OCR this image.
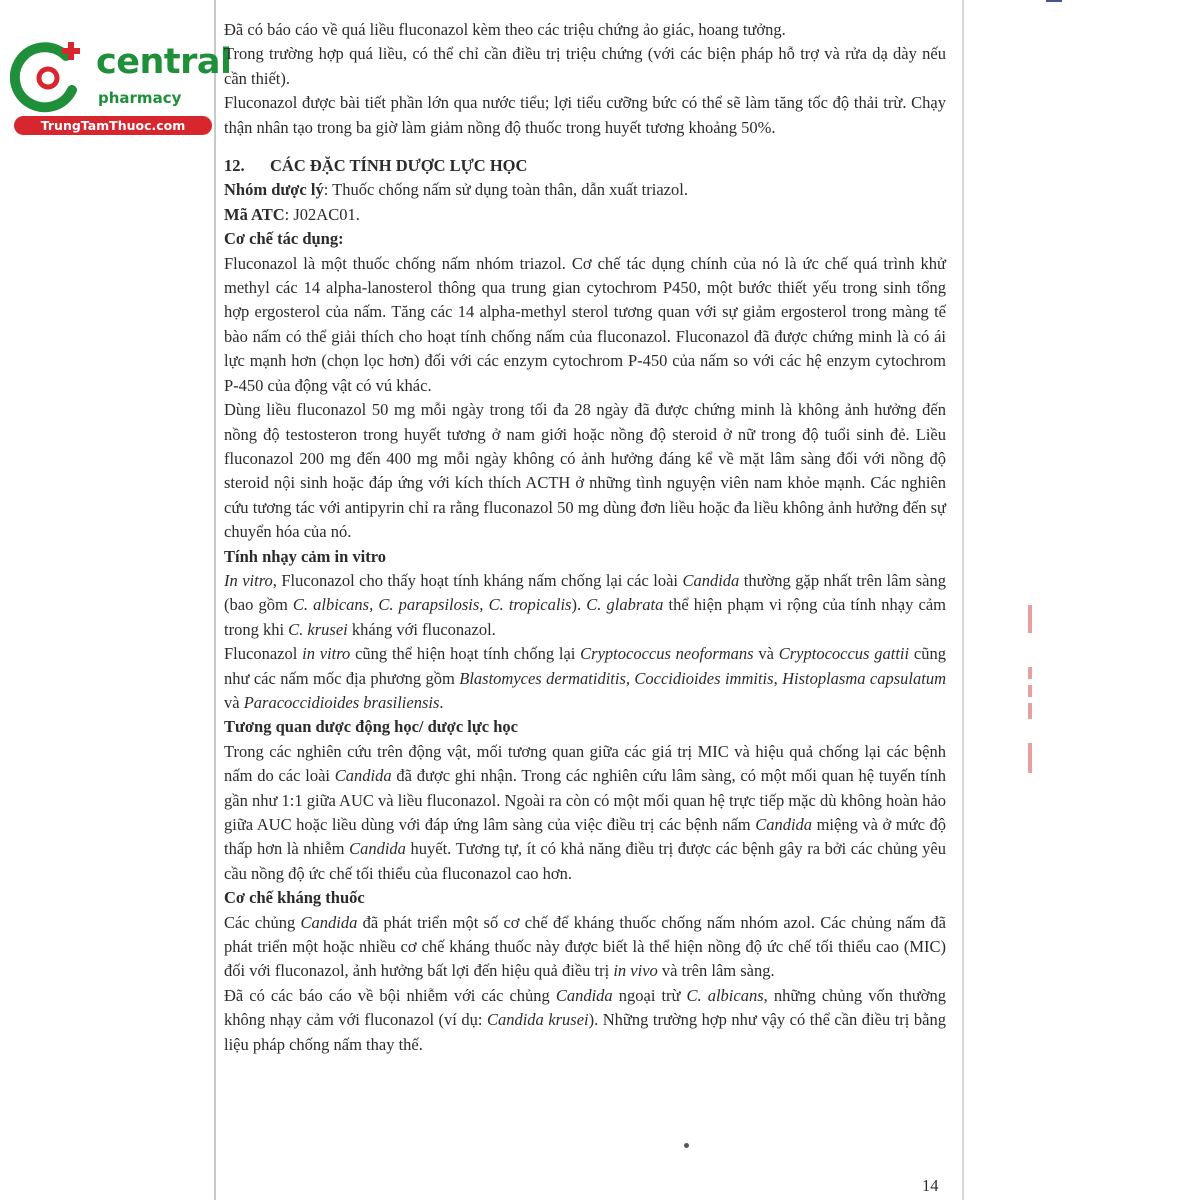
central
pharmacy
TrungTamThuoc.com

Đã có báo cáo về quá liều fluconazol kèm theo các triệu chứng ảo giác, hoang tưởng.

Trong trường hợp quá liều, có thể chỉ cần điều trị triệu chứng (với các biện pháp hỗ trợ và rửa dạ dày nếu cần thiết).

Fluconazol được bài tiết phần lớn qua nước tiểu; lợi tiểu cưỡng bức có thể sẽ làm tăng tốc độ thải trừ. Chạy thận nhân tạo trong ba giờ làm giảm nồng độ thuốc trong huyết tương khoảng 50%.

12. CÁC ĐẶC TÍNH DƯỢC LỰC HỌC

Nhóm dược lý: Thuốc chống nấm sử dụng toàn thân, dẫn xuất triazol.

Mã ATC: J02AC01.

Cơ chế tác dụng:

Fluconazol là một thuốc chống nấm nhóm triazol. Cơ chế tác dụng chính của nó là ức chế quá trình khử methyl các 14 alpha-lanosterol thông qua trung gian cytochrom P450, một bước thiết yếu trong sinh tổng hợp ergosterol của nấm. Tăng các 14 alpha-methyl sterol tương quan với sự giảm ergosterol trong màng tế bào nấm có thể giải thích cho hoạt tính chống nấm của fluconazol. Fluconazol đã được chứng minh là có ái lực mạnh hơn (chọn lọc hơn) đối với các enzym cytochrom P-450 của nấm so với các hệ enzym cytochrom P-450 của động vật có vú khác.

Dùng liều fluconazol 50 mg mỗi ngày trong tối đa 28 ngày đã được chứng minh là không ảnh hưởng đến nồng độ testosteron trong huyết tương ở nam giới hoặc nồng độ steroid ở nữ trong độ tuổi sinh đẻ. Liều fluconazol 200 mg đến 400 mg mỗi ngày không có ảnh hưởng đáng kể về mặt lâm sàng đối với nồng độ steroid nội sinh hoặc đáp ứng với kích thích ACTH ở những tình nguyện viên nam khỏe mạnh. Các nghiên cứu tương tác với antipyrin chỉ ra rằng fluconazol 50 mg dùng đơn liều hoặc đa liều không ảnh hưởng đến sự chuyển hóa của nó.

Tính nhạy cảm in vitro

In vitro, Fluconazol cho thấy hoạt tính kháng nấm chống lại các loài Candida thường gặp nhất trên lâm sàng (bao gồm C. albicans, C. parapsilosis, C. tropicalis). C. glabrata thể hiện phạm vi rộng của tính nhạy cảm trong khi C. krusei kháng với fluconazol.

Fluconazol in vitro cũng thể hiện hoạt tính chống lại Cryptococcus neoformans và Cryptococcus gattii cũng như các nấm mốc địa phương gồm Blastomyces dermatiditis, Coccidioides immitis, Histoplasma capsulatum và Paracoccidioides brasiliensis.

Tương quan dược động học/ dược lực học

Trong các nghiên cứu trên động vật, mối tương quan giữa các giá trị MIC và hiệu quả chống lại các bệnh nấm do các loài Candida đã được ghi nhận. Trong các nghiên cứu lâm sàng, có một mối quan hệ tuyến tính gần như 1:1 giữa AUC và liều fluconazol. Ngoài ra còn có một mối quan hệ trực tiếp mặc dù không hoàn hảo giữa AUC hoặc liều dùng với đáp ứng lâm sàng của việc điều trị các bệnh nấm Candida miệng và ở mức độ thấp hơn là nhiễm Candida huyết. Tương tự, ít có khả năng điều trị được các bệnh gây ra bởi các chủng yêu cầu nồng độ ức chế tối thiểu của fluconazol cao hơn.

Cơ chế kháng thuốc

Các chủng Candida đã phát triển một số cơ chế để kháng thuốc chống nấm nhóm azol. Các chủng nấm đã phát triển một hoặc nhiều cơ chế kháng thuốc này được biết là thể hiện nồng độ ức chế tối thiểu cao (MIC) đối với fluconazol, ảnh hưởng bất lợi đến hiệu quả điều trị in vivo và trên lâm sàng.

Đã có các báo cáo về bội nhiễm với các chủng Candida ngoại trừ C. albicans, những chủng vốn thường không nhạy cảm với fluconazol (ví dụ: Candida krusei). Những trường hợp như vậy có thể cần điều trị bằng liệu pháp chống nấm thay thế.

14
